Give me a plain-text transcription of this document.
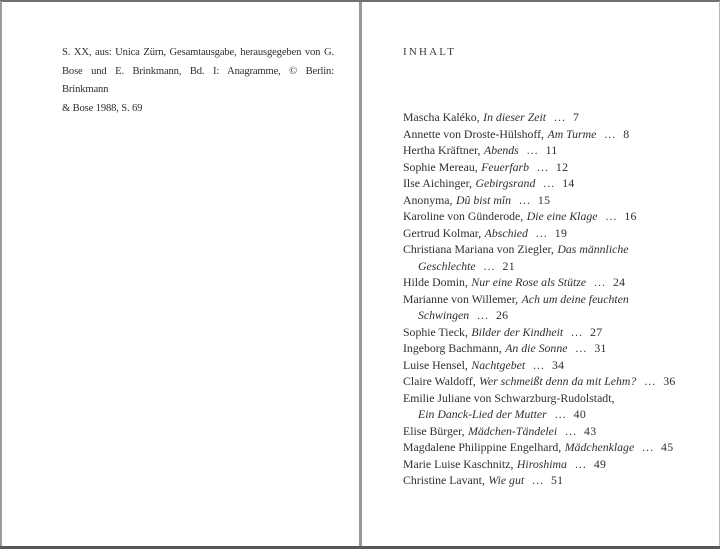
S. XX, aus: Unica Zürn, Gesamtausgabe, herausgegeben von G.
Bose und E. Brinkmann, Bd. I: Anagramme, © Berlin: Brinkmann
& Bose 1988, S. 69
INHALT
Mascha Kaléko, In dieser Zeit ... 7
Annette von Droste-Hülshoff, Am Turme ... 8
Hertha Kräftner, Abends ... 11
Sophie Mereau, Feuerfarb ... 12
Ilse Aichinger, Gebirgsrand ... 14
Anonyma, Dû bist mîn ... 15
Karoline von Günderode, Die eine Klage ... 16
Gertrud Kolmar, Abschied ... 19
Christiana Mariana von Ziegler, Das männliche
Geschlechte ... 21
Hilde Domin, Nur eine Rose als Stütze ... 24
Marianne von Willemer, Ach um deine feuchten
Schwingen ... 26
Sophie Tieck, Bilder der Kindheit ... 27
Ingeborg Bachmann, An die Sonne ... 31
Luise Hensel, Nachtgebet ... 34
Claire Waldoff, Wer schmeißt denn da mit Lehm? ... 36
Emilie Juliane von Schwarzburg-Rudolstadt,
Ein Danck-Lied der Mutter ... 40
Elise Bürger, Mädchen-Tändelei ... 43
Magdalene Philippine Engelhard, Mädchenklage ... 45
Marie Luise Kaschnitz, Hiroshima ... 49
Christine Lavant, Wie gut ... 51
